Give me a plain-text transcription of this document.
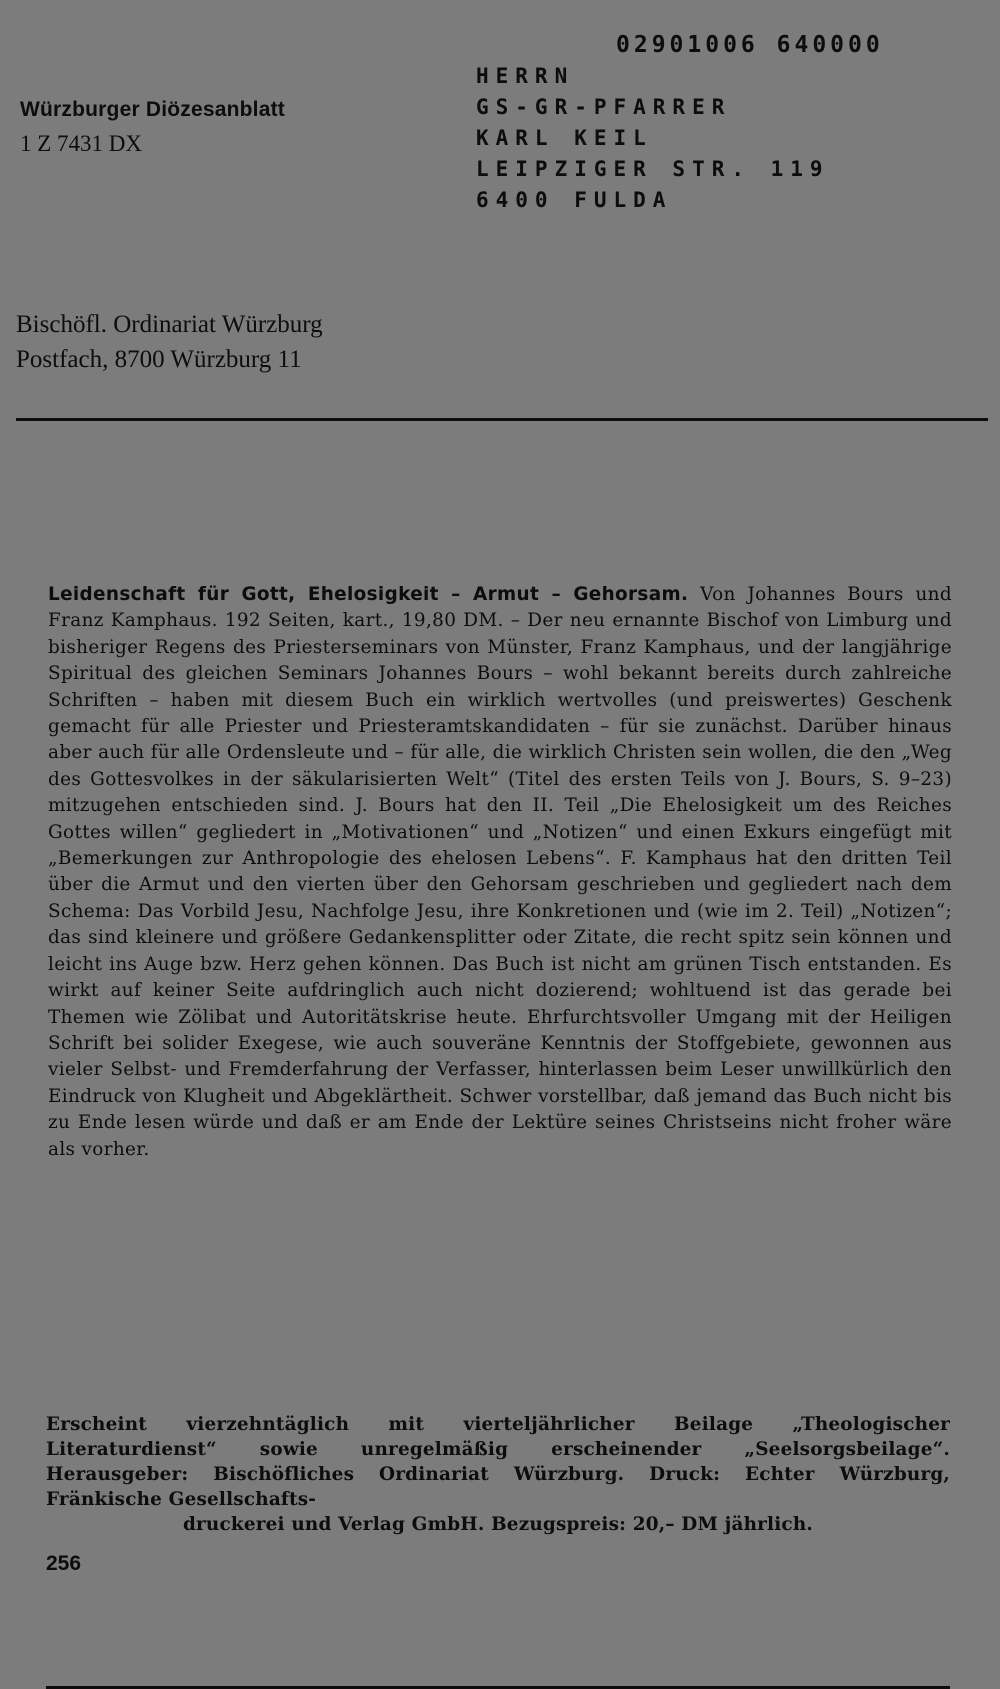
Würzburger Diözesanblatt
1 Z 7431 DX
02901006 640000
HERRN
GS-GR-PFARRER
KARL KEIL
LEIPZIGER STR. 119
6400 FULDA
Bischöfl. Ordinariat Würzburg
Postfach, 8700 Würzburg 11
Leidenschaft für Gott, Ehelosigkeit – Armut – Gehorsam. Von Johannes Bours und Franz Kamphaus. 192 Seiten, kart., 19,80 DM. – Der neu ernannte Bischof von Limburg und bisheriger Regens des Priesterseminars von Münster, Franz Kamphaus, und der langjährige Spiritual des gleichen Seminars Johannes Bours – wohl bekannt bereits durch zahlreiche Schriften – haben mit diesem Buch ein wirklich wertvolles (und preiswertes) Geschenk gemacht für alle Priester und Priesteramtskandidaten – für sie zunächst. Darüber hinaus aber auch für alle Ordensleute und – für alle, die wirklich Christen sein wollen, die den „Weg des Gottesvolkes in der säkularisierten Welt“ (Titel des ersten Teils von J. Bours, S. 9–23) mitzugehen entschieden sind. J. Bours hat den II. Teil „Die Ehelosigkeit um des Reiches Gottes willen“ gegliedert in „Motivationen“ und „Notizen“ und einen Exkurs eingefügt mit „Bemerkungen zur Anthropologie des ehelosen Lebens“. F. Kamphaus hat den dritten Teil über die Armut und den vierten über den Gehorsam geschrieben und gegliedert nach dem Schema: Das Vorbild Jesu, Nachfolge Jesu, ihre Konkretionen und (wie im 2. Teil) „Notizen“; das sind kleinere und größere Gedankensplitter oder Zitate, die recht spitz sein können und leicht ins Auge bzw. Herz gehen können. Das Buch ist nicht am grünen Tisch entstanden. Es wirkt auf keiner Seite aufdringlich auch nicht dozierend; wohltuend ist das gerade bei Themen wie Zölibat und Autoritätskrise heute. Ehrfurchtsvoller Umgang mit der Heiligen Schrift bei solider Exegese, wie auch souveräne Kenntnis der Stoffgebiete, gewonnen aus vieler Selbst- und Fremderfahrung der Verfasser, hinterlassen beim Leser unwillkürlich den Eindruck von Klugheit und Abgeklärtheit. Schwer vorstellbar, daß jemand das Buch nicht bis zu Ende lesen würde und daß er am Ende der Lektüre seines Christseins nicht froher wäre als vorher.
Erscheint vierzehntäglich mit vierteljährlicher Beilage „Theologischer Literaturdienst“ sowie unregelmäßig erscheinender „Seelsorgsbeilage“. Herausgeber: Bischöfliches Ordinariat Würzburg. Druck: Echter Würzburg, Fränkische Gesellschafts-
druckerei und Verlag GmbH. Bezugspreis: 20,– DM jährlich.
256
